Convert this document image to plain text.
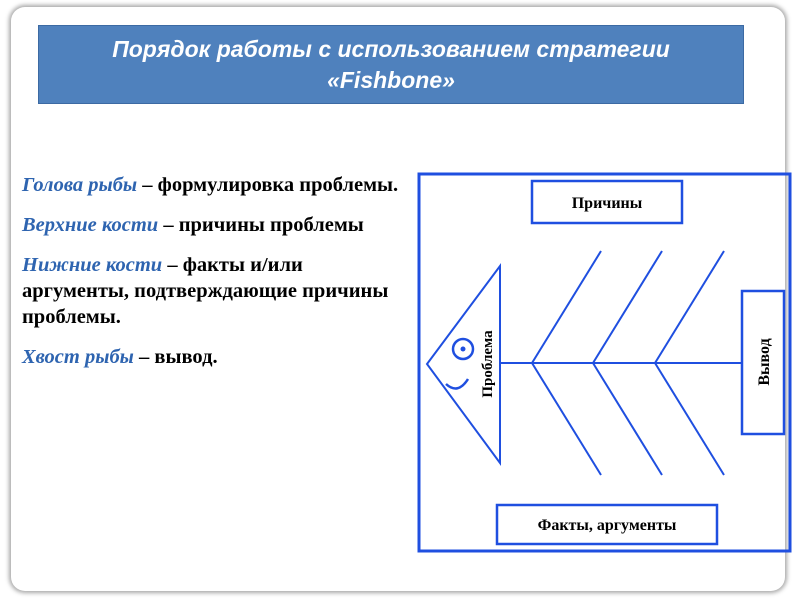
Порядок работы с использованием стратегии
«Fishbone»

Голова рыбы – формулировка проблемы.

Верхние кости – причины проблемы

Нижние кости – факты и/или аргументы, подтверждающие причины проблемы.

Хвост рыбы – вывод.

Причины
Факты, аргументы
Вывод
Проблема
